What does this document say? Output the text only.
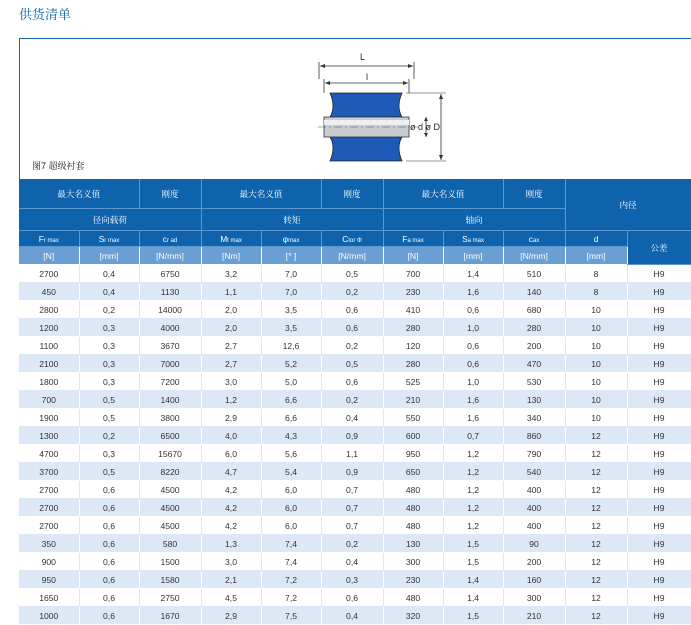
供货清单
L
l
ø d ø D
图7 超级衬套
最大名义值		刚度	最大名义值		刚度	最大名义值		刚度	内径	
径向载荷			转矩			轴向				
Fr max	Sr max	cr ad	Mt max	φmax	Ctor Φ	Fa max	Sa max	cax	d	公差
[N]	[mm]	[N/mm]	[Nm]	[° ]	[N/mm]	[N]	[mm]	[N/mm]	[mm]	
2700	0,4	6750	3,2	7,0	0,5	700	1,4	510	8	H9
450	0,4	1130	1,1	7,0	0,2	230	1,6	140	8	H9
2800	0,2	14000	2,0	3,5	0,6	410	0,6	680	10	H9
1200	0,3	4000	2,0	3,5	0,6	280	1,0	280	10	H9
1100	0,3	3670	2,7	12,6	0,2	120	0,6	200	10	H9
2100	0,3	7000	2,7	5,2	0,5	280	0,6	470	10	H9
1800	0,3	7200	3,0	5,0	0,6	525	1,0	530	10	H9
700	0,5	1400	1,2	6,6	0,2	210	1,6	130	10	H9
1900	0,5	3800	2,9	6,6	0,4	550	1,6	340	10	H9
1300	0,2	6500	4,0	4,3	0,9	600	0,7	860	12	H9
4700	0,3	15670	6,0	5,6	1,1	950	1,2	790	12	H9
3700	0,5	8220	4,7	5,4	0,9	650	1,2	540	12	H9
2700	0,6	4500	4,2	6,0	0,7	480	1,2	400	12	H9
2700	0,6	4500	4,2	6,0	0,7	480	1,2	400	12	H9
2700	0,6	4500	4,2	6,0	0,7	480	1,2	400	12	H9
350	0,6	580	1,3	7,4	0,2	130	1,5	90	12	H9
900	0,6	1500	3,0	7,4	0,4	300	1,5	200	12	H9
950	0,6	1580	2,1	7,2	0,3	230	1,4	160	12	H9
1650	0,6	2750	4,5	7,2	0,6	480	1,4	300	12	H9
1000	0,6	1670	2,9	7,5	0,4	320	1,5	210	12	H9
